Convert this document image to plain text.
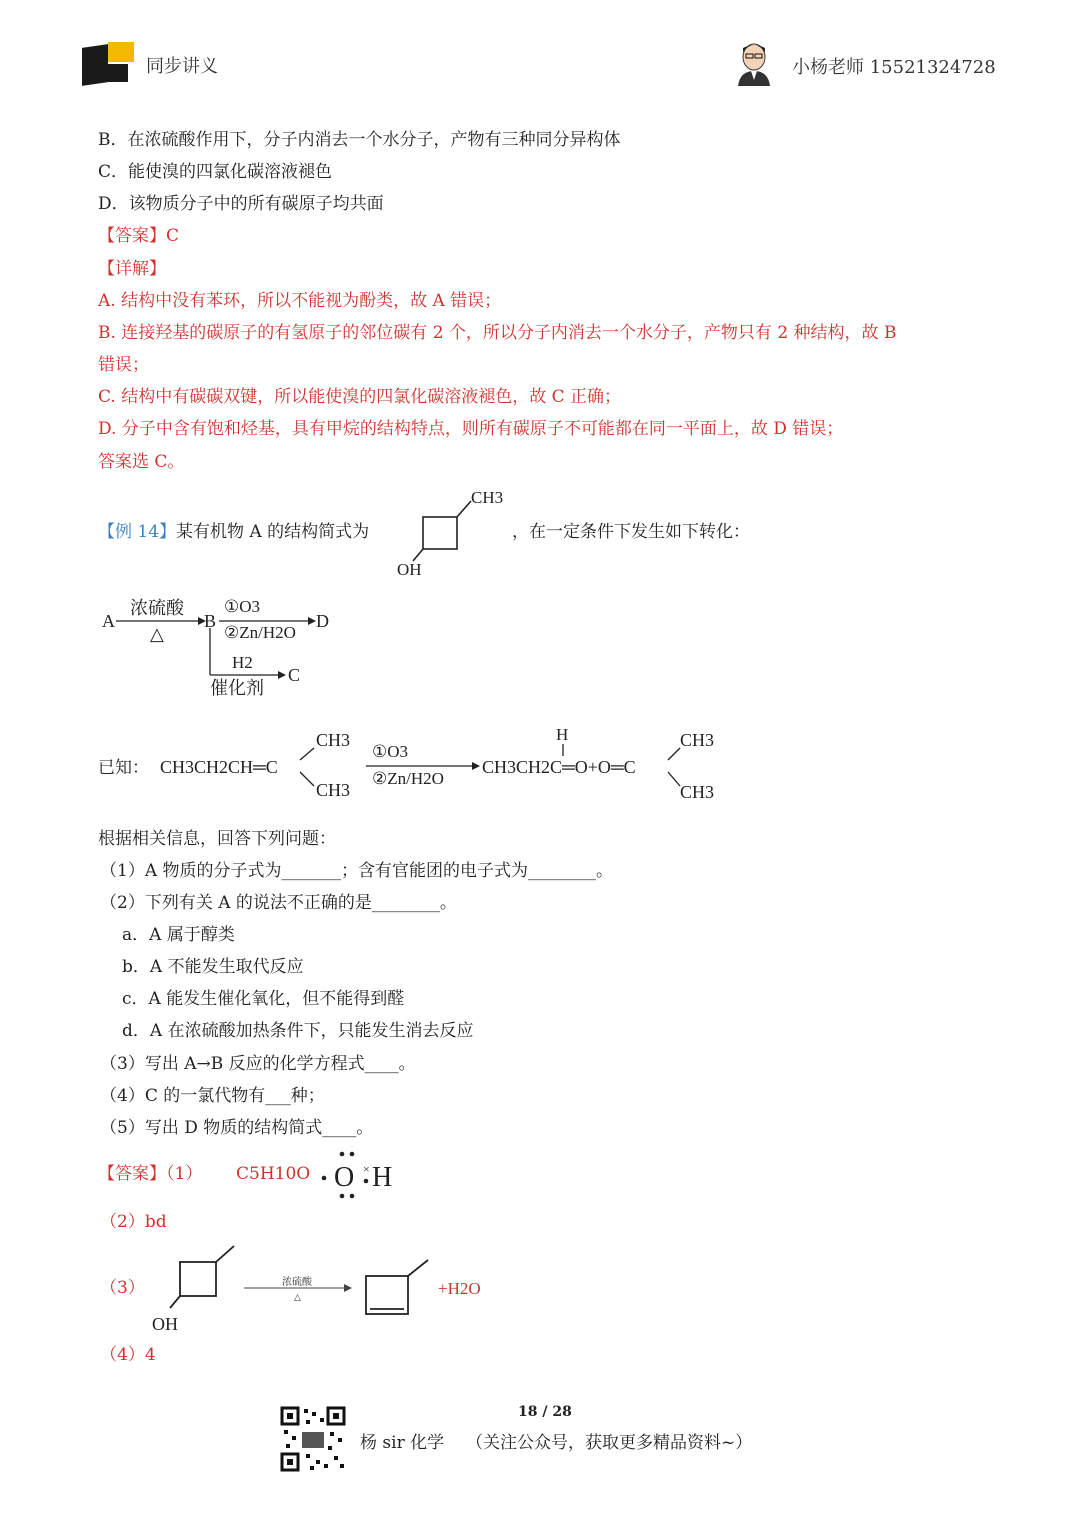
同步讲义	小杨老师 15521324728
B．在浓硫酸作用下，分子内消去一个水分子，产物有三种同分异构体
C．能使溴的四氯化碳溶液褪色
D．该物质分子中的所有碳原子均共面
【答案】C
【详解】
A. 结构中没有苯环，所以不能视为酚类，故 A 错误；
B. 连接羟基的碳原子的有氢原子的邻位碳有 2 个，所以分子内消去一个水分子，产物只有 2 种结构，故 B
错误；
C. 结构中有碳碳双键，所以能使溴的四氯化碳溶液褪色，故 C 正确；
D. 分子中含有饱和烃基，具有甲烷的结构特点，则所有碳原子不可能都在同一平面上，故 D 错误；
答案选 C。
【例 14】某有机物 A 的结构简式为
CH3
OH
，在一定条件下发生如下转化：
A
浓硫酸
△
B
①O3
②Zn/H2O
D
H2
催化剂
C
已知： CH3CH2CH═C
CH3
CH3
①O3
②Zn/H2O
H
CH3CH2C═O+O═C
CH3
CH3
根据相关信息，回答下列问题：
（1）A 物质的分子式为_______；含有官能团的电子式为________。
（2）下列有关 A 的说法不正确的是________。
a．A 属于醇类
b．A 不能发生取代反应
c．A 能发生催化氧化，但不能得到醛
d．A 在浓硫酸加热条件下，只能发生消去反应
（3）写出 A→B 反应的化学方程式____。
（4）C 的一氯代物有___种；
（5）写出 D 物质的结构简式____。
【答案】（1） C5H10O O × H
（2）bd
（3）
OH
浓硫酸
△	+H2O
（4）4
18 / 28
杨 sir 化学 （关注公众号，获取更多精品资料~）
